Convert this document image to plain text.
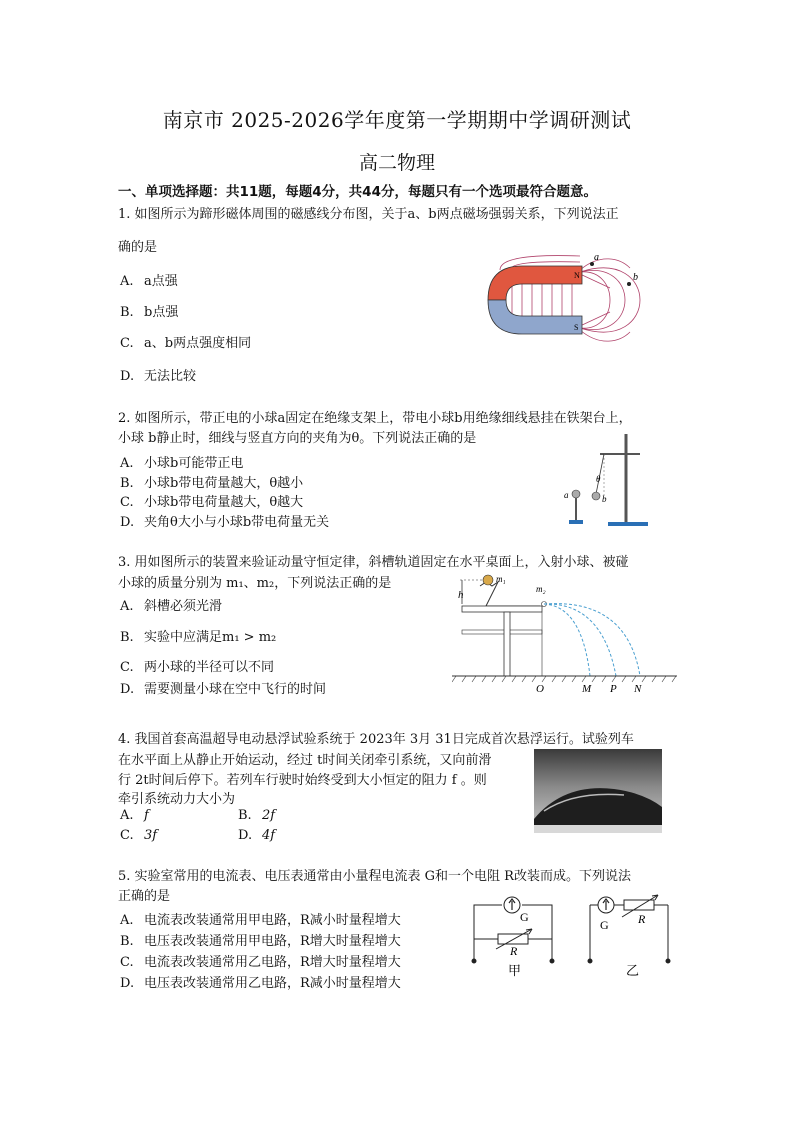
南京市 2025-2026学年度第一学期期中学调研测试
高二物理
一、单项选择题：共11题，每题4分，共44分，每题只有一个选项最符合题意。
1. 如图所示为蹄形磁体周围的磁感线分布图，关于a、b两点磁场强弱关系，下列说法正
确的是
A. a点强
B. b点强
C. a、b两点强度相同
D. 无法比较
N
S
a
b
2. 如图所示，带正电的小球a固定在绝缘支架上，带电小球b用绝缘细线悬挂在铁架台上，
小球 b静止时，细线与竖直方向的夹角为θ。下列说法正确的是
A. 小球b可能带正电
B. 小球b带电荷量越大，θ越小
C. 小球b带电荷量越大，θ越大
D. 夹角θ大小与小球b带电荷量无关
θ
b
a
3. 用如图所示的装置来验证动量守恒定律，斜槽轨道固定在水平桌面上，入射小球、被碰
小球的质量分别为 m₁、m₂，下列说法正确的是
A. 斜槽必须光滑
B. 实验中应满足m₁ > m₂
C. 两小球的半径可以不同
D. 需要测量小球在空中飞行的时间
h
m₁
m₂
O	M P N
4. 我国首套高温超导电动悬浮试验系统于 2023年 3月 31日完成首次悬浮运行。试验列车
在水平面上从静止开始运动，经过 t时间关闭牵引系统，又向前滑
行 2t时间后停下。若列车行驶时始终受到大小恒定的阻力 f 。则
牵引系统动力大小为
A. f	B. 2f
C. 3f	D. 4f
5. 实验室常用的电流表、电压表通常由小量程电流表 G和一个电阻 R改装而成。下列说法
正确的是
A. 电流表改装通常用甲电路，R减小时量程增大
B. 电压表改装通常用甲电路，R增大时量程增大
C. 电流表改装通常用乙电路，R增大时量程增大
D. 电压表改装通常用乙电路，R减小时量程增大
G
R
甲
G R
乙
